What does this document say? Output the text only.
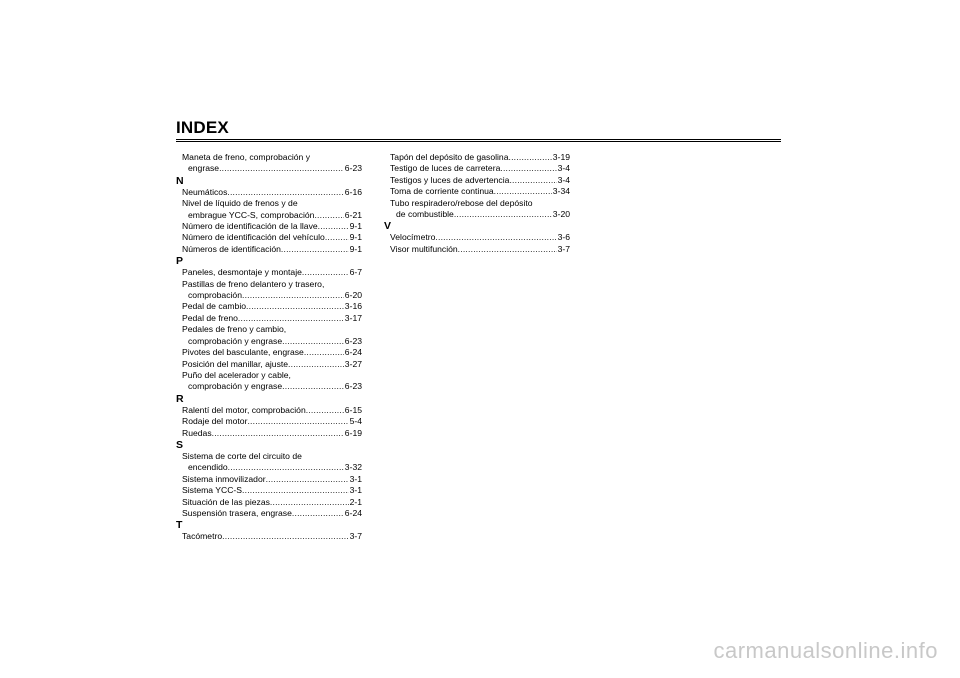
INDEX
Maneta de freno, comprobación y
engrase .....	6-23
N
Neumáticos .....	6-16
Nivel de líquido de frenos y de
embrague YCC-S, comprobación .....	6-21
Número de identificación de la llave .....	9-1
Número de identificación del vehículo .....	9-1
Números de identificación .....	9-1
P
Paneles, desmontaje y montaje .....	6-7
Pastillas de freno delantero y trasero,
comprobación .....	6-20
Pedal de cambio .....	3-16
Pedal de freno .....	3-17
Pedales de freno y cambio,
comprobación y engrase .....	6-23
Pivotes del basculante, engrase .....	6-24
Posición del manillar, ajuste .....	3-27
Puño del acelerador y cable,
comprobación y engrase .....	6-23
R
Ralentí del motor, comprobación .....	6-15
Rodaje del motor .....	5-4
Ruedas .....	6-19
S
Sistema de corte del circuito de
encendido .....	3-32
Sistema inmovilizador .....	3-1
Sistema YCC-S .....	3-1
Situación de las piezas .....	2-1
Suspensión trasera, engrase .....	6-24
T
Tacómetro .....	3-7
Tapón del depósito de gasolina .....	3-19
Testigo de luces de carretera .....	3-4
Testigos y luces de advertencia .....	3-4
Toma de corriente continua .....	3-34
Tubo respiradero/rebose del depósito
de combustible .....	3-20
V
Velocímetro .....	3-6
Visor multifunción .....	3-7
carmanualsonline.info
